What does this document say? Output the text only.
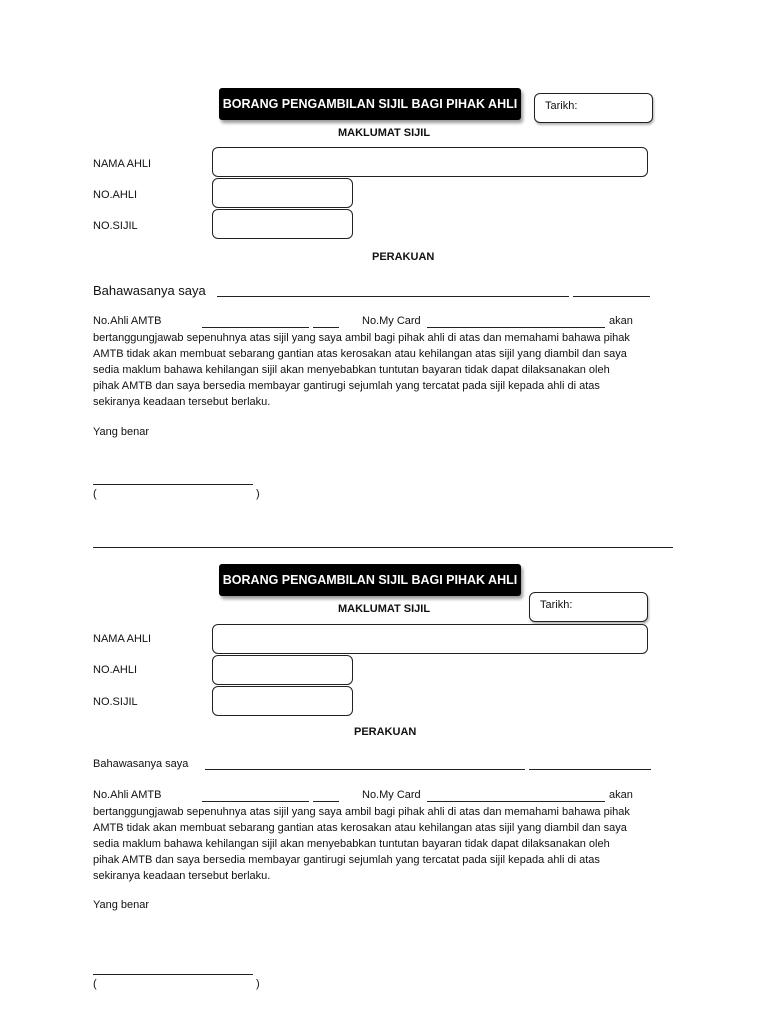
BORANG PENGAMBILAN SIJIL BAGI PIHAK AHLI	Tarikh:
MAKLUMAT SIJIL
NAMA AHLI
NO.AHLI
NO.SIJIL
PERAKUAN
Bahawasanya saya
No.Ahli AMTB	No.My Card	akan
bertanggungjawab sepenuhnya atas sijil yang saya ambil bagi pihak ahli di atas dan memahami bahawa pihak
AMTB tidak akan membuat sebarang gantian atas kerosakan atau kehilangan atas sijil yang diambil dan saya
sedia maklum bahawa kehilangan sijil akan menyebabkan tuntutan bayaran tidak dapat dilaksanakan oleh
pihak AMTB dan saya bersedia membayar gantirugi sejumlah yang tercatat pada sijil kepada ahli di atas
sekiranya keadaan tersebut berlaku.
Yang benar
(	)
BORANG PENGAMBILAN SIJIL BAGI PIHAK AHLI
Tarikh:
MAKLUMAT SIJIL
NAMA AHLI
NO.AHLI
NO.SIJIL
PERAKUAN
Bahawasanya saya
No.Ahli AMTB	No.My Card	akan
bertanggungjawab sepenuhnya atas sijil yang saya ambil bagi pihak ahli di atas dan memahami bahawa pihak
AMTB tidak akan membuat sebarang gantian atas kerosakan atau kehilangan atas sijil yang diambil dan saya
sedia maklum bahawa kehilangan sijil akan menyebabkan tuntutan bayaran tidak dapat dilaksanakan oleh
pihak AMTB dan saya bersedia membayar gantirugi sejumlah yang tercatat pada sijil kepada ahli di atas
sekiranya keadaan tersebut berlaku.
Yang benar
(	)
